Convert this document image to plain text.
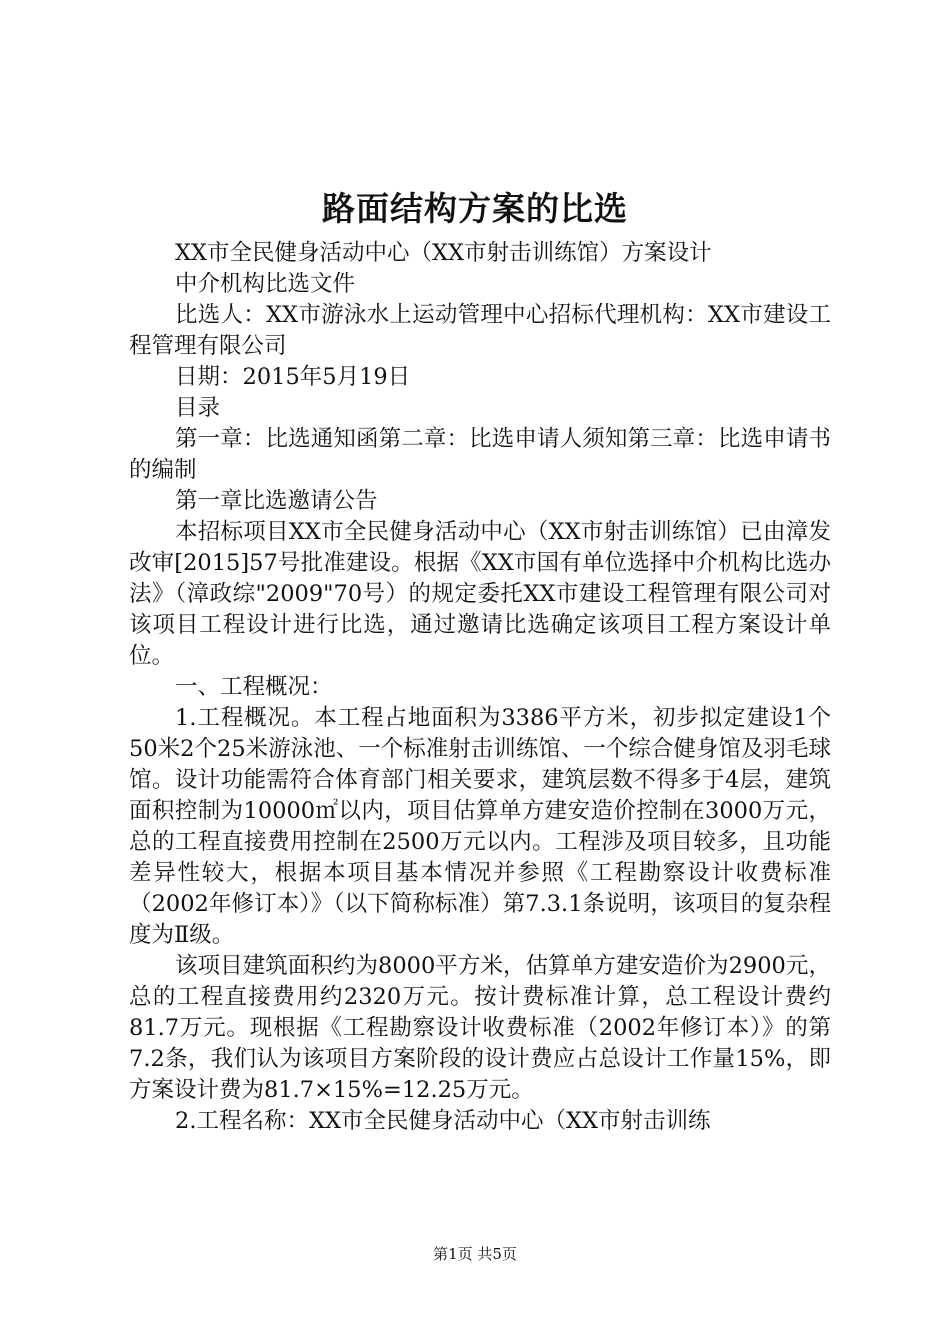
路面结构方案的比选

XX市全民健身活动中心（XX市射击训练馆）方案设计

中介机构比选文件

比选人：XX市游泳水上运动管理中心招标代理机构：XX市建设工程管理有限公司

日期：2015年5月19日

目录

第一章：比选通知函第二章：比选申请人须知第三章：比选申请书的编制

第一章比选邀请公告

本招标项目XX市全民健身活动中心（XX市射击训练馆）已由漳发改审[2015]57号批准建设。根据《XX市国有单位选择中介机构比选办法》（漳政综"2009"70号）的规定委托XX市建设工程管理有限公司对该项目工程设计进行比选，通过邀请比选确定该项目工程方案设计单位。

一、工程概况：

1.工程概况。本工程占地面积为3386平方米，初步拟定建设1个50米2个25米游泳池、一个标准射击训练馆、一个综合健身馆及羽毛球馆。设计功能需符合体育部门相关要求，建筑层数不得多于4层，建筑面积控制为10000㎡以内，项目估算单方建安造价控制在3000万元，总的工程直接费用控制在2500万元以内。工程涉及项目较多，且功能差异性较大，根据本项目基本情况并参照《工程勘察设计收费标准（2002年修订本）》（以下简称标准）第7.3.1条说明，该项目的复杂程度为Ⅱ级。

该项目建筑面积约为8000平方米，估算单方建安造价为2900元，总的工程直接费用约2320万元。按计费标准计算，总工程设计费约81.7万元。现根据《工程勘察设计收费标准（2002年修订本）》的第7.2条，我们认为该项目方案阶段的设计费应占总设计工作量15%，即方案设计费为81.7×15%=12.25万元。

2.工程名称：XX市全民健身活动中心（XX市射击训练

第1页 共5页
